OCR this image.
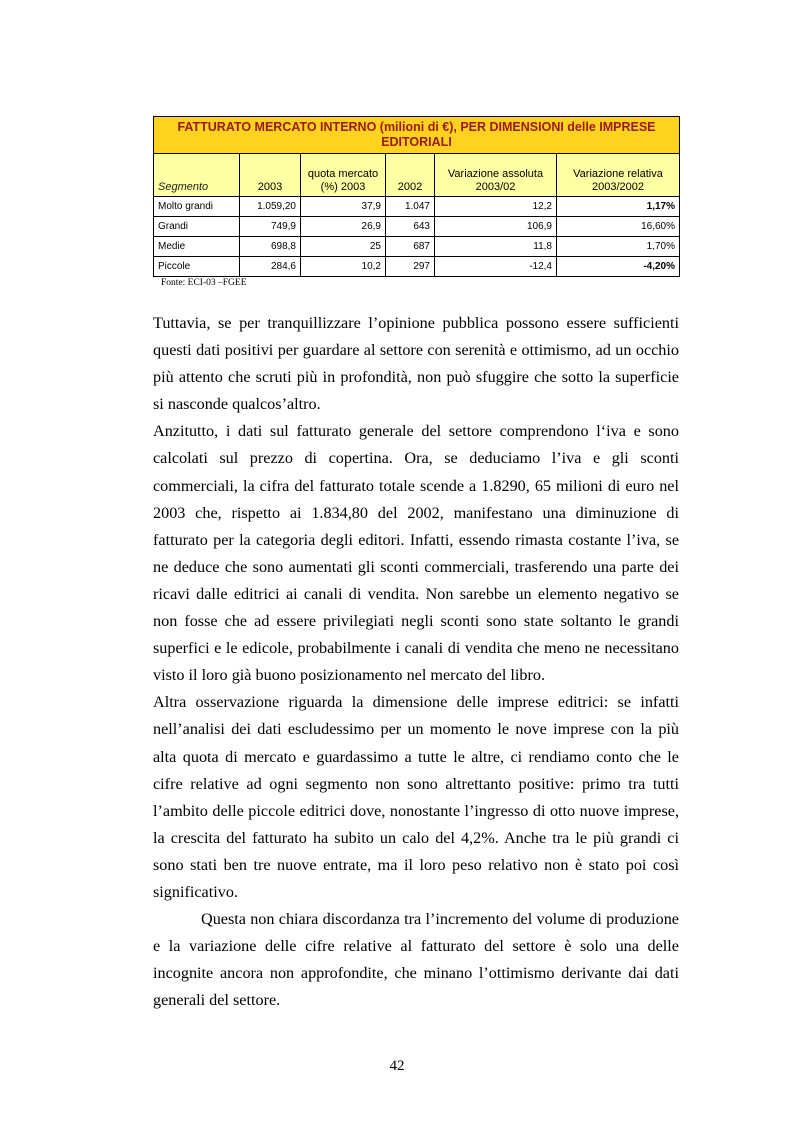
FATTURATO MERCATO INTERNO (milioni di €), PER DIMENSIONI delle IMPRESE EDITORIALI					
Segmento	2003	quota mercato (%) 2003	2002	Variazione assoluta 2003/02	Variazione relativa 2003/2002
Molto grandi	1.059,20	37,9	1.047	12,2	1,17%
Grandi	749,9	26,9	643	106,9	16,60%
Medie	698,8	25	687	11,8	1,70%
Piccole	284,6	10,2	297	-12,4	-4,20%
Fonte: ECI-03 –FGEE

Tuttavia, se per tranquillizzare l’opinione pubblica possono essere sufficienti questi dati positivi per guardare al settore con serenità e ottimismo, ad un occhio più attento che scruti più in profondità, non può sfuggire che sotto la superficie si nasconde qualcos’altro.

Anzitutto, i dati sul fatturato generale del settore comprendono l‘iva e sono calcolati sul prezzo di copertina. Ora, se deduciamo l’iva e gli sconti commerciali, la cifra del fatturato totale scende a 1.8290, 65 milioni di euro nel 2003 che, rispetto ai 1.834,80 del 2002, manifestano una diminuzione di fatturato per la categoria degli editori. Infatti, essendo rimasta costante l’iva, se ne deduce che sono aumentati gli sconti commerciali, trasferendo una parte dei ricavi dalle editrici ai canali di vendita. Non sarebbe un elemento negativo se non fosse che ad essere privilegiati negli sconti sono state soltanto le grandi superfici e le edicole, probabilmente i canali di vendita che meno ne necessitano visto il loro già buono posizionamento nel mercato del libro.

Altra osservazione riguarda la dimensione delle imprese editrici: se infatti nell’analisi dei dati escludessimo per un momento le nove imprese con la più alta quota di mercato e guardassimo a tutte le altre, ci rendiamo conto che le cifre relative ad ogni segmento non sono altrettanto positive: primo tra tutti l’ambito delle piccole editrici dove, nonostante l’ingresso di otto nuove imprese, la crescita del fatturato ha subito un calo del 4,2%. Anche tra le più grandi ci sono stati ben tre nuove entrate, ma il loro peso relativo non è stato poi così significativo.

Questa non chiara discordanza tra l’incremento del volume di produzione e la variazione delle cifre relative al fatturato del settore è solo una delle incognite ancora non approfondite, che minano l’ottimismo derivante dai dati generali del settore.

42
